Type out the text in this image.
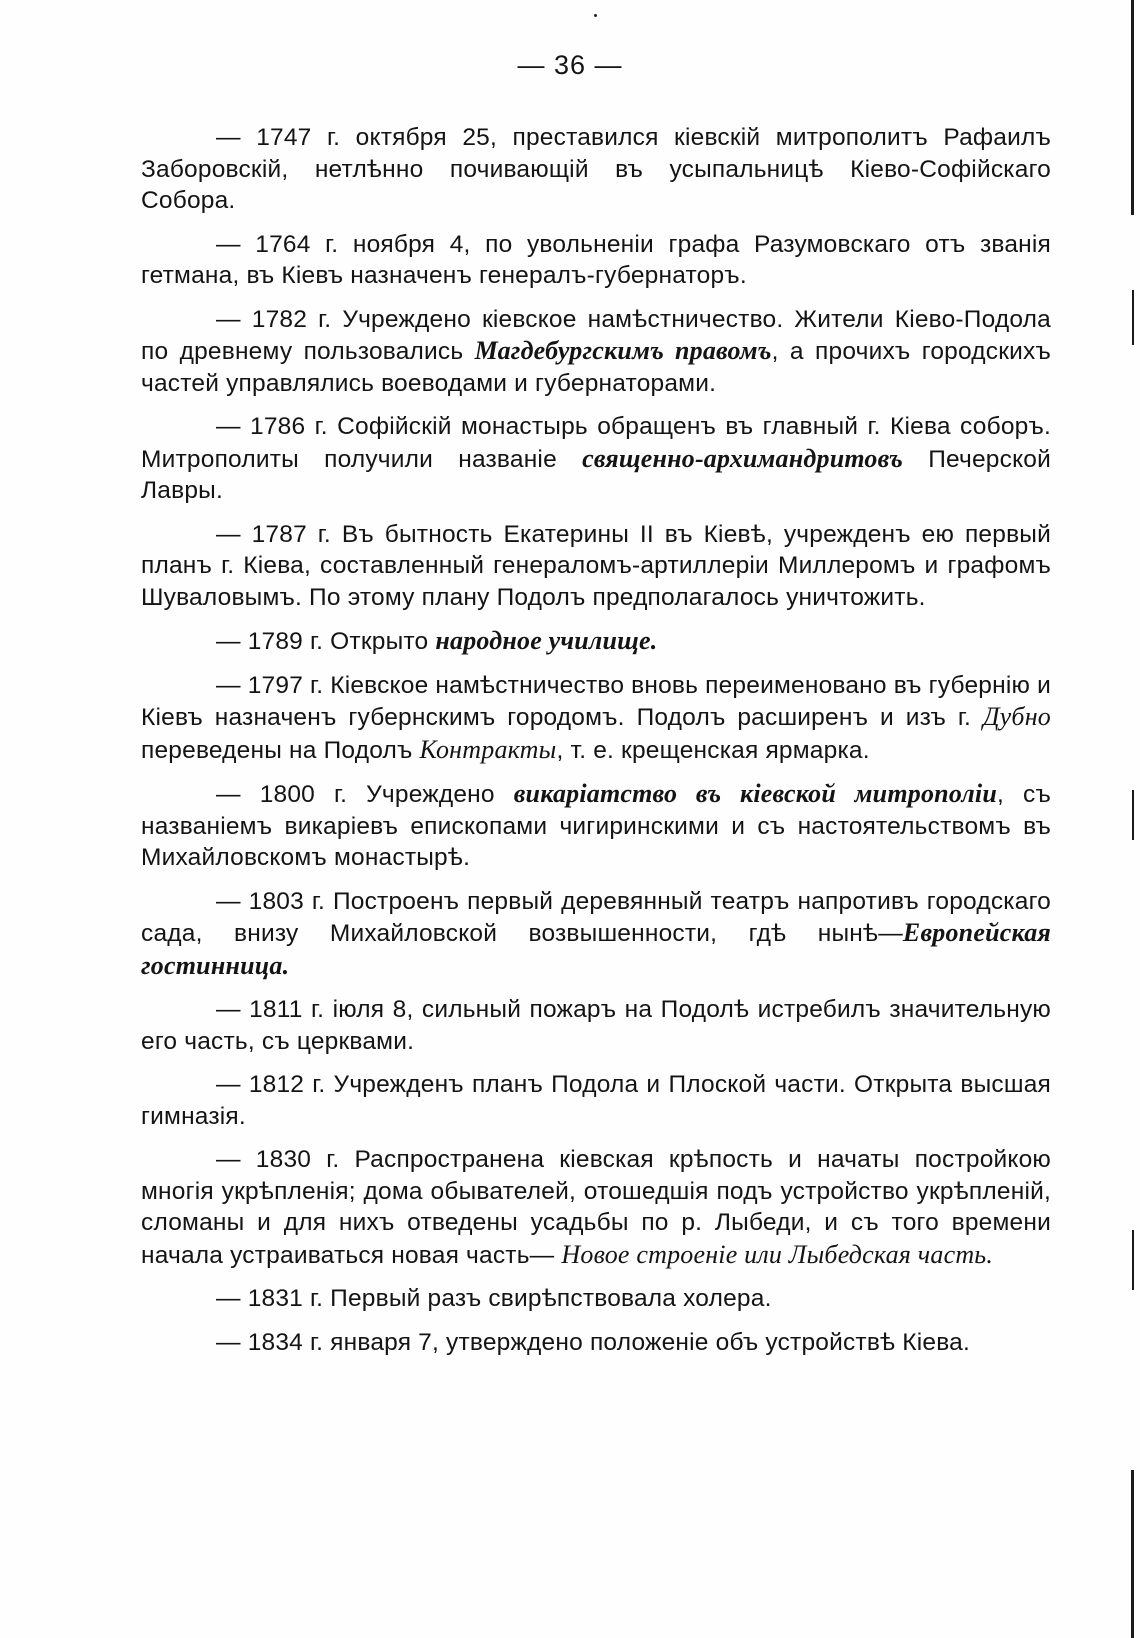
— 36 —

— 1747 г. октября 25, преставился кіевскій митрополитъ Рафаилъ Заборовскій, нетлѣнно почивающій въ усыпальницѣ Кіево-Софійскаго Собора.

— 1764 г. ноября 4, по увольненіи графа Разумовскаго отъ званія гетмана, въ Кіевъ назначенъ генералъ-губернаторъ.

— 1782 г. Учреждено кіевское намѣстничество. Жители Кіево-Подола по древнему пользовались Магдебургскимъ правомъ, а прочихъ городскихъ частей управлялись воеводами и губернаторами.

— 1786 г. Софійскій монастырь обращенъ въ главный г. Кіева соборъ. Митрополиты получили названіе священно-архимандритовъ Печерской Лавры.

— 1787 г. Въ бытность Екатерины II въ Кіевѣ, учрежденъ ею первый планъ г. Кіева, составленный генераломъ-артиллеріи Миллеромъ и графомъ Шуваловымъ. По этому плану Подолъ предполагалось уничтожить.

— 1789 г. Открыто народное училище.

— 1797 г. Кіевское намѣстничество вновь переименовано въ губернію и Кіевъ назначенъ губернскимъ городомъ. Подолъ расширенъ и изъ г. Дубно переведены на Подолъ Контракты, т. е. крещенская ярмарка.

— 1800 г. Учреждено викаріатство въ кіевской митрополіи, съ названіемъ викаріевъ епископами чигиринскими и съ настоятельствомъ въ Михайловскомъ монастырѣ.

— 1803 г. Построенъ первый деревянный театръ напротивъ городскаго сада, внизу Михайловской возвышенности, гдѣ нынѣ—Европейская гостинница.

— 1811 г. іюля 8, сильный пожаръ на Подолѣ истребилъ значительную его часть, съ церквами.

— 1812 г. Учрежденъ планъ Подола и Плоской части. Открыта высшая гимназія.

— 1830 г. Распространена кіевская крѣпость и начаты постройкою многія укрѣпленія; дома обывателей, отошедшія подъ устройство укрѣпленій, сломаны и для нихъ отведены усадьбы по р. Лыбеди, и съ того времени начала устраиваться новая часть— Новое строеніе или Лыбедская часть.

— 1831 г. Первый разъ свирѣпствовала холера.

— 1834 г. января 7, утверждено положеніе объ устройствѣ Кіева.
